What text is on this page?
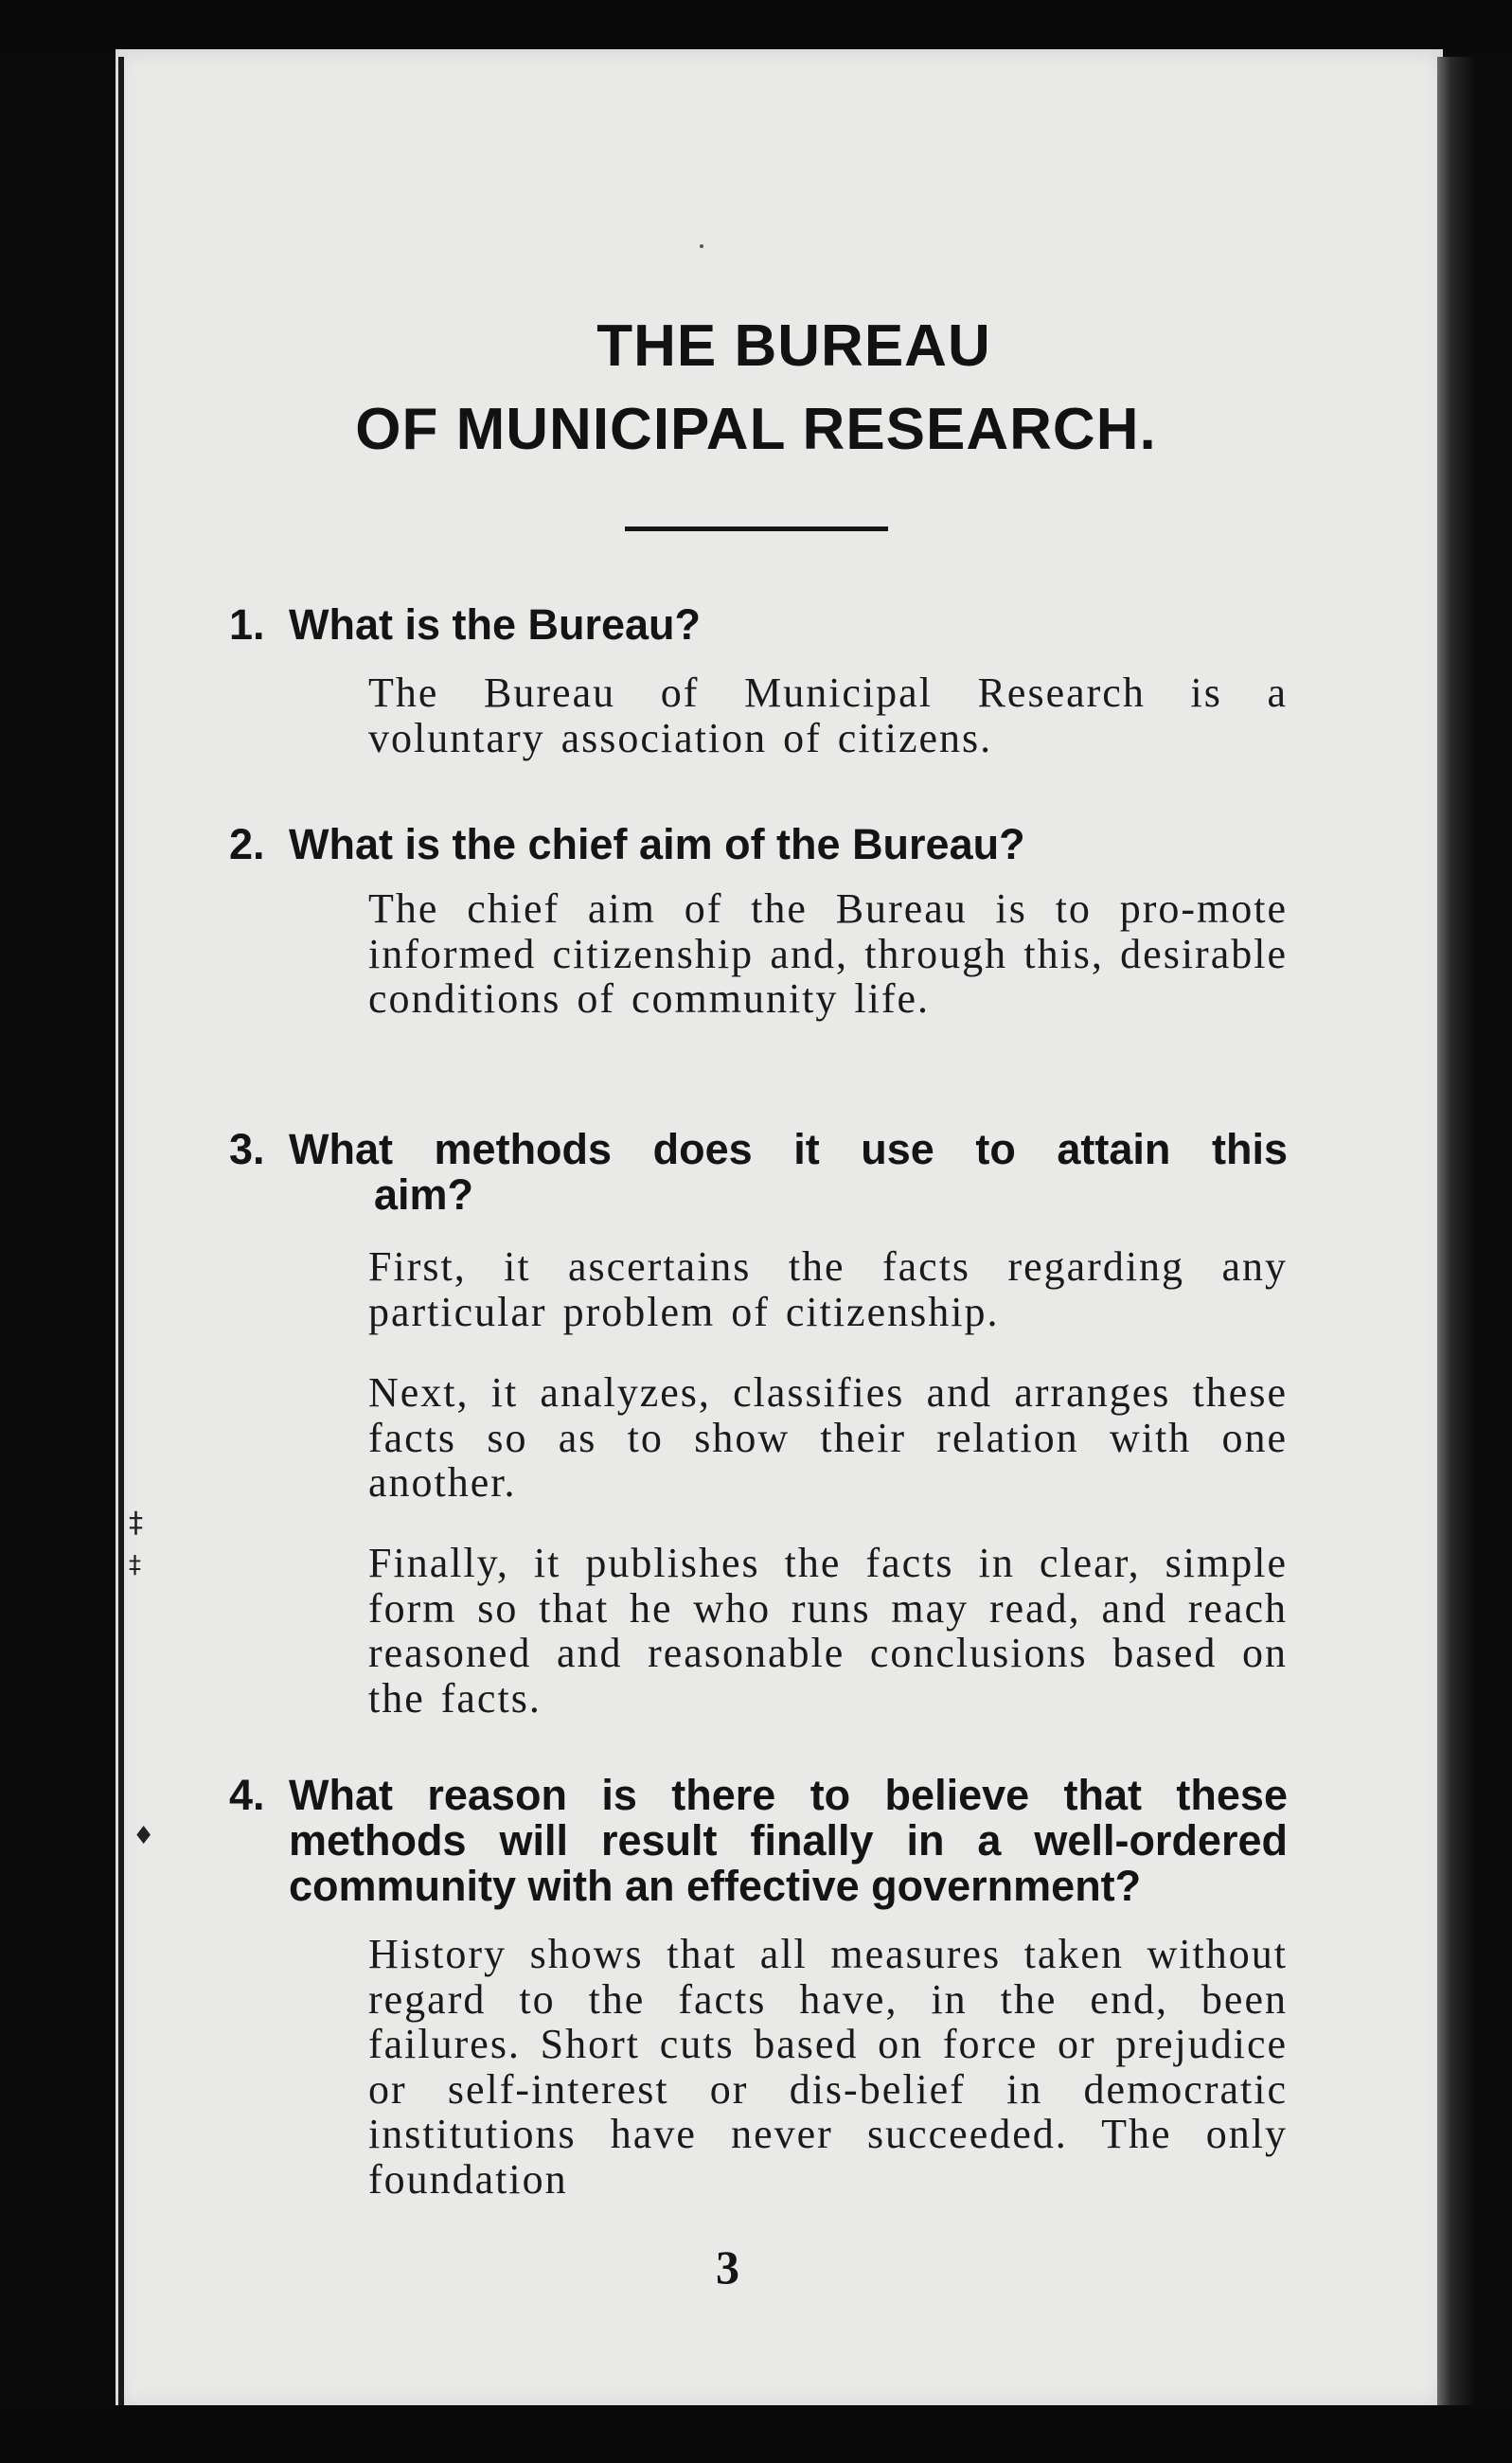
THE BUREAU
OF MUNICIPAL RESEARCH.
1. What is the Bureau?
The Bureau of Municipal Research is a voluntary association of citizens.
2. What is the chief aim of the Bureau?
The chief aim of the Bureau is to pro-mote informed citizenship and, through this, desirable conditions of community life.
3. What methods does it use to attain this
aim?
First, it ascertains the facts regarding any particular problem of citizenship.
Next, it analyzes, classifies and arranges these facts so as to show their relation with one another.
Finally, it publishes the facts in clear, simple form so that he who runs may read, and reach reasoned and reasonable conclusions based on the facts.
4. What reason is there to believe that these methods will result finally in a well-ordered community with an effective government?
History shows that all measures taken without regard to the facts have, in the end, been failures. Short cuts based on force or prejudice or self-interest or dis-belief in democratic institutions have never succeeded. The only foundation
3
‡
‡
♦
